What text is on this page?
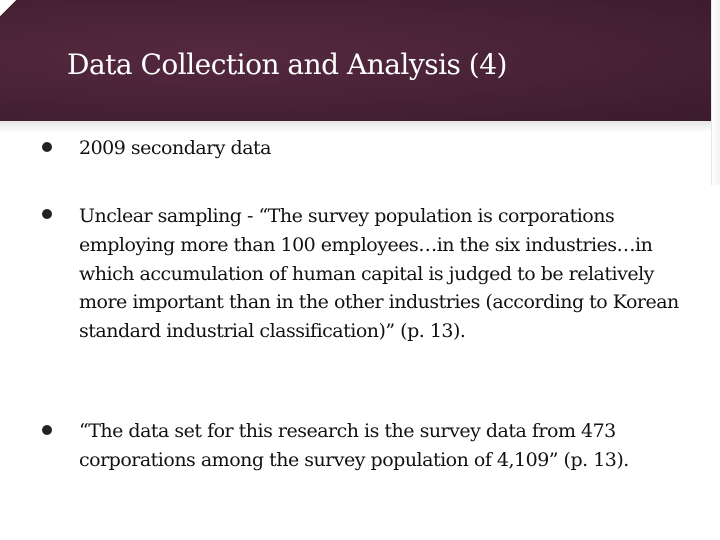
Data Collection and Analysis (4)

2009 secondary data

Unclear sampling - “The survey population is corporations employing more than 100 employees…in the six industries…in which accumulation of human capital is judged to be relatively more important than in the other industries (according to Korean standard industrial classification)” (p. 13).

“The data set for this research is the survey data from 473 corporations among the survey population of 4,109” (p. 13).
